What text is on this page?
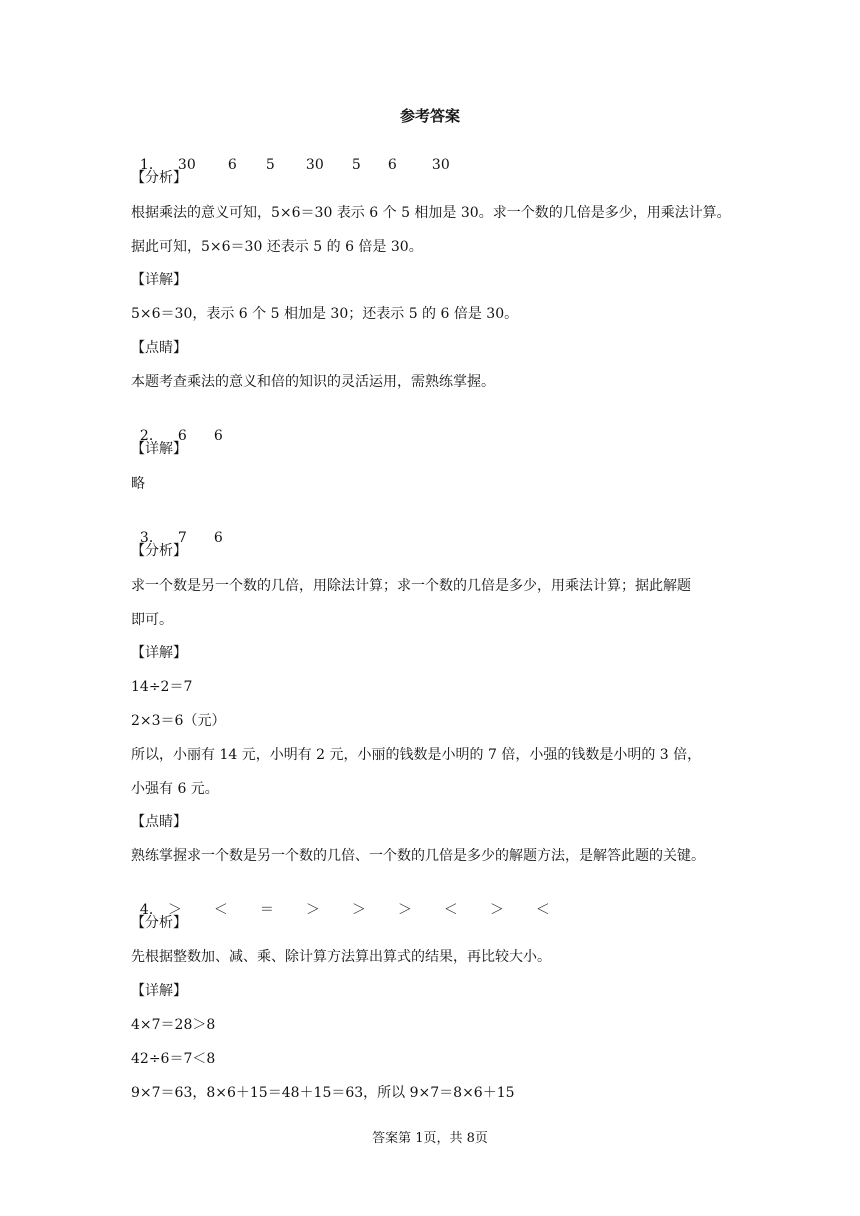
参考答案

1． 30 6 5 30 5 6	30

【分析】
根据乘法的意义可知，5×6＝30 表示 6 个 5 相加是 30。求一个数的几倍是多少，用乘法计算。
据此可知，5×6＝30 还表示 5 的 6 倍是 30。
【详解】
5×6＝30，表示 6 个 5 相加是 30；还表示 5 的 6 倍是 30。
【点睛】
本题考查乘法的意义和倍的知识的灵活运用，需熟练掌握。

2． 6 6

【详解】
略

3． 7 6

【分析】
求一个数是另一个数的几倍，用除法计算；求一个数的几倍是多少，用乘法计算；据此解题
即可。
【详解】
14÷2＝7
2×3＝6（元）
所以，小丽有 14 元，小明有 2 元，小丽的钱数是小明的 7 倍，小强的钱数是小明的 3 倍，
小强有 6 元。
【点睛】
熟练掌握求一个数是另一个数的几倍、一个数的几倍是多少的解题方法，是解答此题的关键。

4． ＞ ＜ ＝ ＞ ＞ ＞ ＜ ＞ ＜

【分析】
先根据整数加、减、乘、除计算方法算出算式的结果，再比较大小。
【详解】
4×7＝28＞8
42÷6＝7＜8
9×7＝63，8×6＋15＝48＋15＝63，所以 9×7＝8×6＋15
答案第 1页，共 8页
